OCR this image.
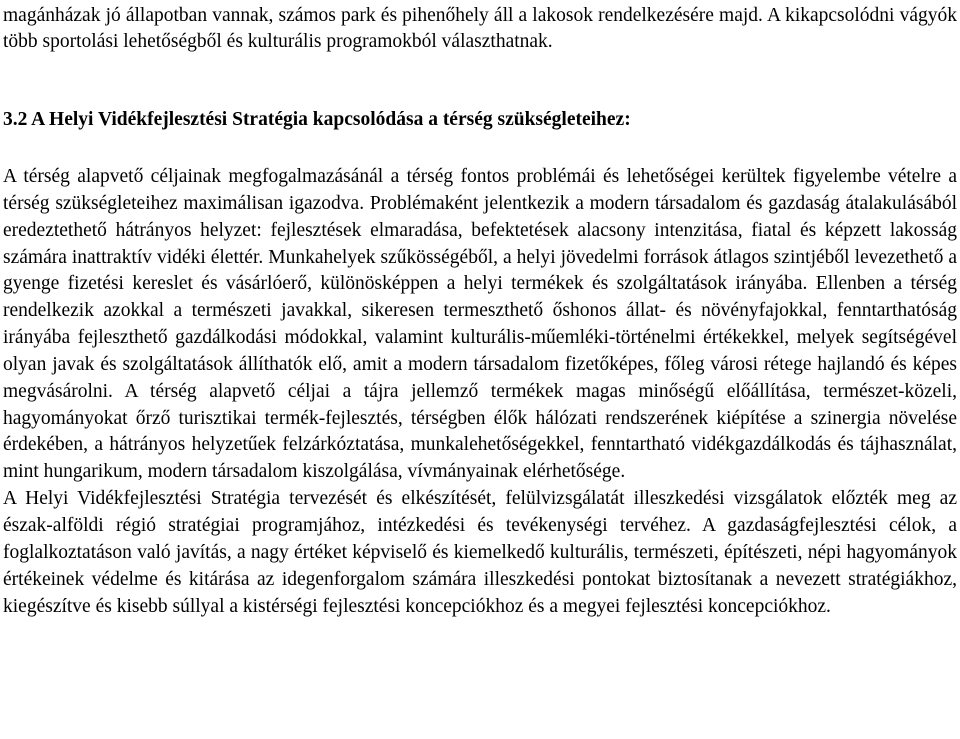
magánházak jó állapotban vannak, számos park és pihenőhely áll a lakosok rendelkezésére majd. A kikapcsolódni vágyók több sportolási lehetőségből és kulturális programokból választhatnak.

3.2 A Helyi Vidékfejlesztési Stratégia kapcsolódása a térség szükségleteihez:

A térség alapvető céljainak megfogalmazásánál a térség fontos problémái és lehetőségei kerültek figyelembe vételre a térség szükségleteihez maximálisan igazodva. Problémaként jelentkezik a modern társadalom és gazdaság átalakulásából eredeztethető hátrányos helyzet: fejlesztések elmaradása, befektetések alacsony intenzitása, fiatal és képzett lakosság számára inattraktív vidéki élettér. Munkahelyek szűkösségéből, a helyi jövedelmi források átlagos szintjéből levezethető a gyenge fizetési kereslet és vásárlóerő, különösképpen a helyi termékek és szolgáltatások irányába. Ellenben a térség rendelkezik azokkal a természeti javakkal, sikeresen termeszthető őshonos állat- és növényfajokkal, fenntarthatóság irányába fejleszthető gazdálkodási módokkal, valamint kulturális-műemléki-történelmi értékekkel, melyek segítségével olyan javak és szolgáltatások állíthatók elő, amit a modern társadalom fizetőképes, főleg városi rétege hajlandó és képes megvásárolni. A térség alapvető céljai a tájra jellemző termékek magas minőségű előállítása, természet-közeli, hagyományokat őrző turisztikai termék-fejlesztés, térségben élők hálózati rendszerének kiépítése a szinergia növelése érdekében, a hátrányos helyzetűek felzárkóztatása, munkalehetőségekkel, fenntartható vidékgazdálkodás és tájhasználat, mint hungarikum, modern társadalom kiszolgálása, vívmányainak elérhetősége.
A Helyi Vidékfejlesztési Stratégia tervezését és elkészítését, felülvizsgálatát illeszkedési vizsgálatok előzték meg az észak-alföldi régió stratégiai programjához, intézkedési és tevékenységi tervéhez. A gazdaságfejlesztési célok, a foglalkoztatáson való javítás, a nagy értéket képviselő és kiemelkedő kulturális, természeti, építészeti, népi hagyományok értékeinek védelme és kitárása az idegenforgalom számára illeszkedési pontokat biztosítanak a nevezett stratégiákhoz, kiegészítve és kisebb súllyal a kistérségi fejlesztési koncepciókhoz és a megyei fejlesztési koncepciókhoz.
